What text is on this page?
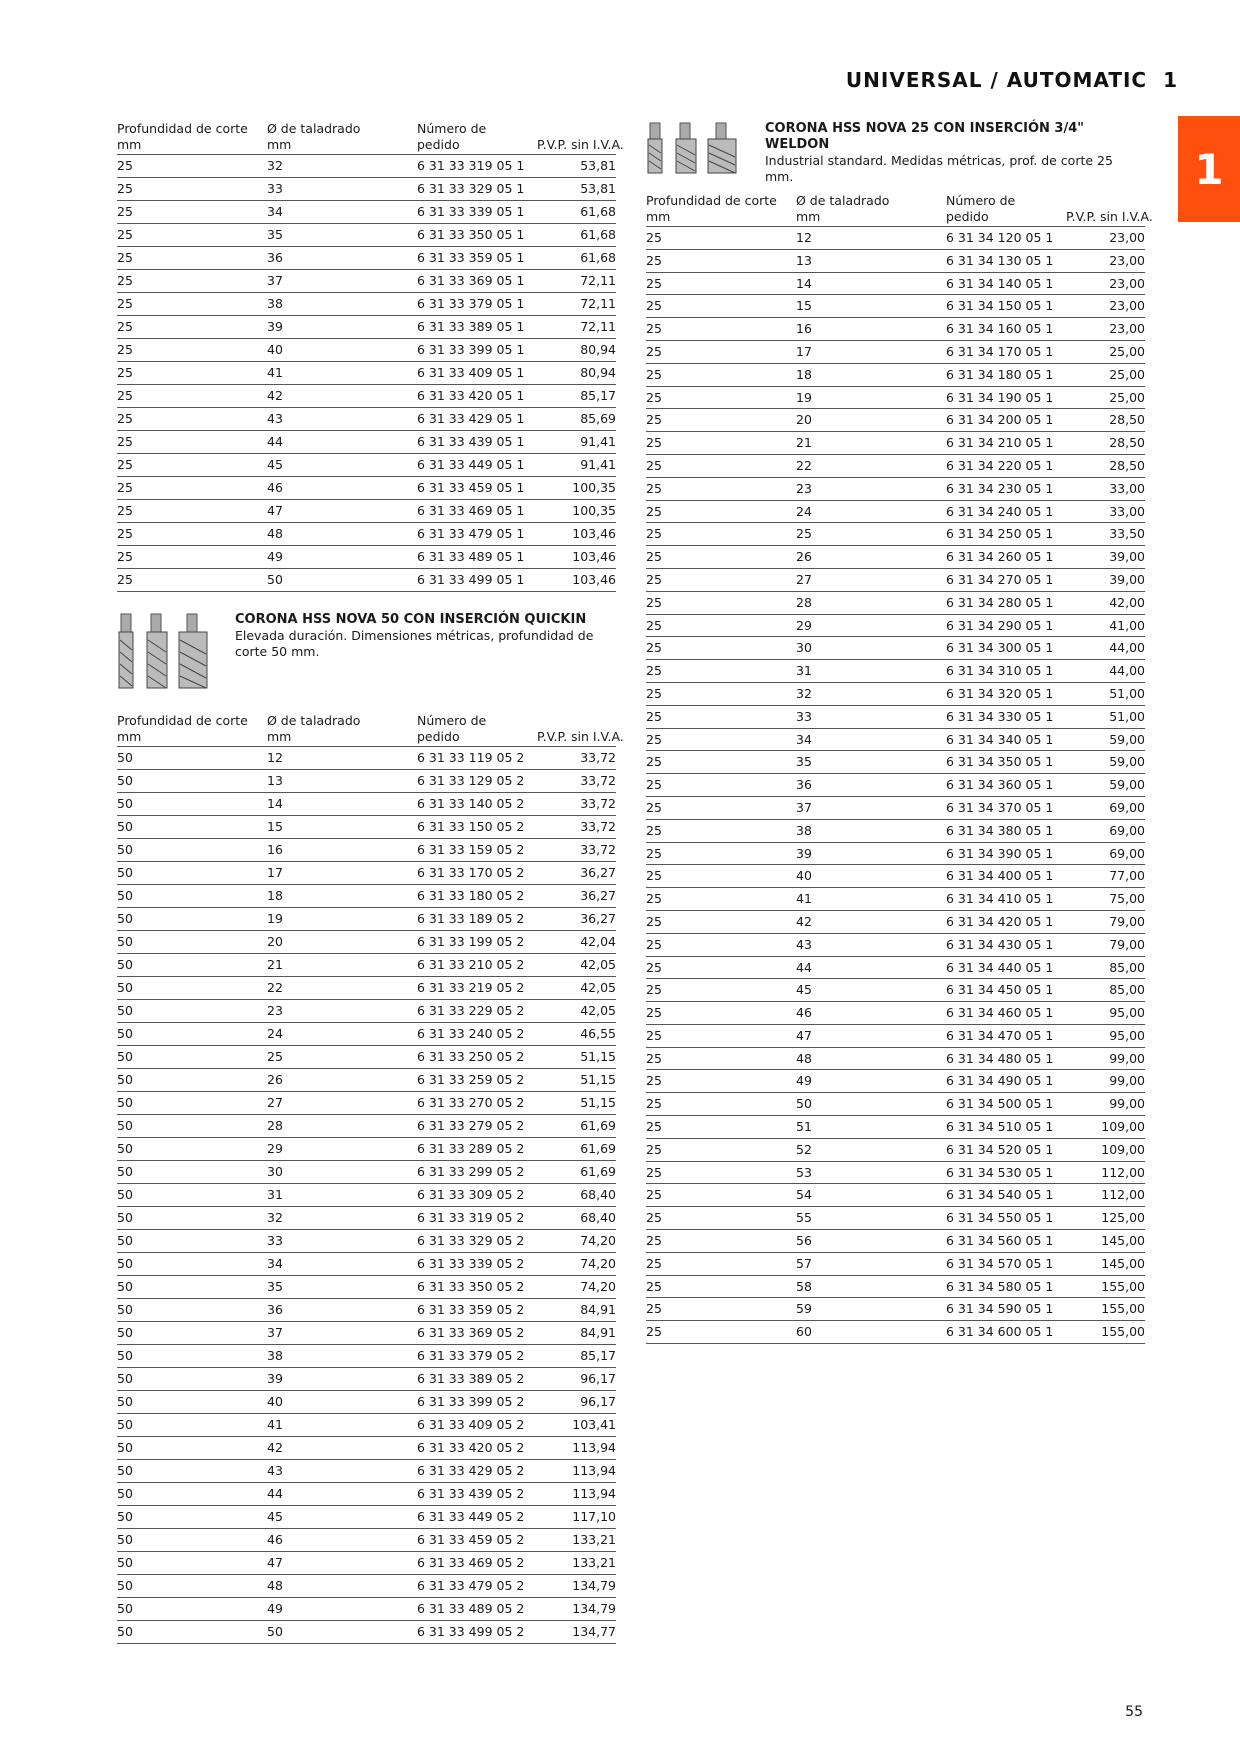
UNIVERSAL / AUTOMATIC 1
1
CORONA HSS NOVA 25 CON INSERCIÓN 3/4" WELDON
Industrial standard. Medidas métricas, prof. de corte 25 mm.
Profundidad de corte
mm
Ø de taladrado
mm
Número de
pedido	P.V.P. sin I.V.A.
25	32	6 31 33 319 05 1	53,81
25	33	6 31 33 329 05 1	53,81
25	34	6 31 33 339 05 1	61,68
25	35	6 31 33 350 05 1	61,68
25	36	6 31 33 359 05 1	61,68
25	37	6 31 33 369 05 1	72,11
25	38	6 31 33 379 05 1	72,11
25	39	6 31 33 389 05 1	72,11
25	40	6 31 33 399 05 1	80,94
25	41	6 31 33 409 05 1	80,94
25	42	6 31 33 420 05 1	85,17
25	43	6 31 33 429 05 1	85,69
25	44	6 31 33 439 05 1	91,41
25	45	6 31 33 449 05 1	91,41
25	46	6 31 33 459 05 1	100,35
25	47	6 31 33 469 05 1	100,35
25	48	6 31 33 479 05 1	103,46
25	49	6 31 33 489 05 1	103,46
25	50	6 31 33 499 05 1	103,46
CORONA HSS NOVA 50 CON INSERCIÓN QUICKIN
Elevada duración. Dimensiones métricas, profundidad de corte 50 mm.
Profundidad de corte
mm
Ø de taladrado
mm
Número de
pedido	P.V.P. sin I.V.A.
50	12	6 31 33 119 05 2	33,72
50	13	6 31 33 129 05 2	33,72
50	14	6 31 33 140 05 2	33,72
50	15	6 31 33 150 05 2	33,72
50	16	6 31 33 159 05 2	33,72
50	17	6 31 33 170 05 2	36,27
50	18	6 31 33 180 05 2	36,27
50	19	6 31 33 189 05 2	36,27
50	20	6 31 33 199 05 2	42,04
50	21	6 31 33 210 05 2	42,05
50	22	6 31 33 219 05 2	42,05
50	23	6 31 33 229 05 2	42,05
50	24	6 31 33 240 05 2	46,55
50	25	6 31 33 250 05 2	51,15
50	26	6 31 33 259 05 2	51,15
50	27	6 31 33 270 05 2	51,15
50	28	6 31 33 279 05 2	61,69
50	29	6 31 33 289 05 2	61,69
50	30	6 31 33 299 05 2	61,69
50	31	6 31 33 309 05 2	68,40
50	32	6 31 33 319 05 2	68,40
50	33	6 31 33 329 05 2	74,20
50	34	6 31 33 339 05 2	74,20
50	35	6 31 33 350 05 2	74,20
50	36	6 31 33 359 05 2	84,91
50	37	6 31 33 369 05 2	84,91
50	38	6 31 33 379 05 2	85,17
50	39	6 31 33 389 05 2	96,17
50	40	6 31 33 399 05 2	96,17
50	41	6 31 33 409 05 2	103,41
50	42	6 31 33 420 05 2	113,94
50	43	6 31 33 429 05 2	113,94
50	44	6 31 33 439 05 2	113,94
50	45	6 31 33 449 05 2	117,10
50	46	6 31 33 459 05 2	133,21
50	47	6 31 33 469 05 2	133,21
50	48	6 31 33 479 05 2	134,79
50	49	6 31 33 489 05 2	134,79
50	50	6 31 33 499 05 2	134,77
Profundidad de corte
mm
Ø de taladrado
mm
Número de
pedido	P.V.P. sin I.V.A.
25	12	6 31 34 120 05 1	23,00
25	13	6 31 34 130 05 1	23,00
25	14	6 31 34 140 05 1	23,00
25	15	6 31 34 150 05 1	23,00
25	16	6 31 34 160 05 1	23,00
25	17	6 31 34 170 05 1	25,00
25	18	6 31 34 180 05 1	25,00
25	19	6 31 34 190 05 1	25,00
25	20	6 31 34 200 05 1	28,50
25	21	6 31 34 210 05 1	28,50
25	22	6 31 34 220 05 1	28,50
25	23	6 31 34 230 05 1	33,00
25	24	6 31 34 240 05 1	33,00
25	25	6 31 34 250 05 1	33,50
25	26	6 31 34 260 05 1	39,00
25	27	6 31 34 270 05 1	39,00
25	28	6 31 34 280 05 1	42,00
25	29	6 31 34 290 05 1	41,00
25	30	6 31 34 300 05 1	44,00
25	31	6 31 34 310 05 1	44,00
25	32	6 31 34 320 05 1	51,00
25	33	6 31 34 330 05 1	51,00
25	34	6 31 34 340 05 1	59,00
25	35	6 31 34 350 05 1	59,00
25	36	6 31 34 360 05 1	59,00
25	37	6 31 34 370 05 1	69,00
25	38	6 31 34 380 05 1	69,00
25	39	6 31 34 390 05 1	69,00
25	40	6 31 34 400 05 1	77,00
25	41	6 31 34 410 05 1	75,00
25	42	6 31 34 420 05 1	79,00
25	43	6 31 34 430 05 1	79,00
25	44	6 31 34 440 05 1	85,00
25	45	6 31 34 450 05 1	85,00
25	46	6 31 34 460 05 1	95,00
25	47	6 31 34 470 05 1	95,00
25	48	6 31 34 480 05 1	99,00
25	49	6 31 34 490 05 1	99,00
25	50	6 31 34 500 05 1	99,00
25	51	6 31 34 510 05 1	109,00
25	52	6 31 34 520 05 1	109,00
25	53	6 31 34 530 05 1	112,00
25	54	6 31 34 540 05 1	112,00
25	55	6 31 34 550 05 1	125,00
25	56	6 31 34 560 05 1	145,00
25	57	6 31 34 570 05 1	145,00
25	58	6 31 34 580 05 1	155,00
25	59	6 31 34 590 05 1	155,00
25	60	6 31 34 600 05 1	155,00
55
